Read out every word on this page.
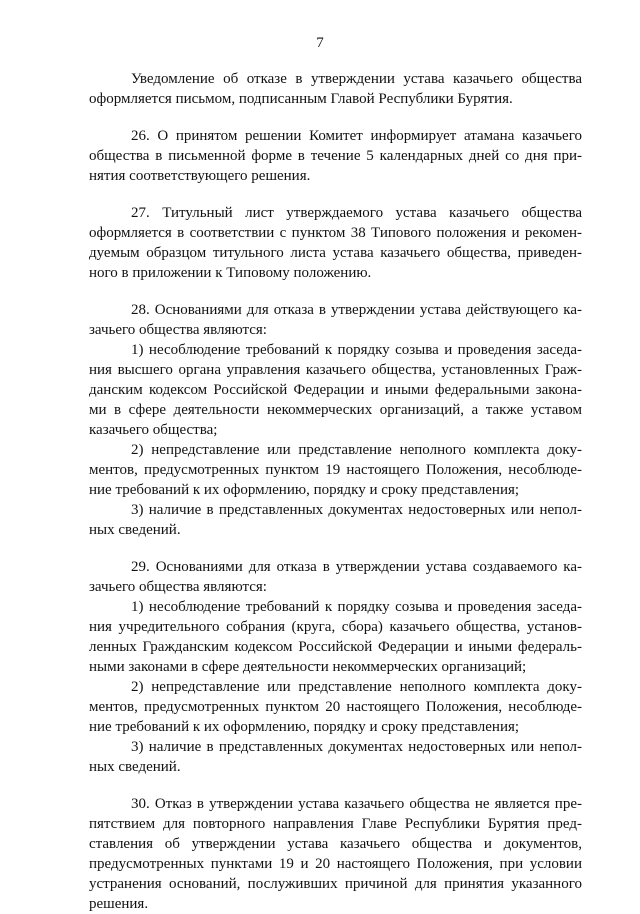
7
Уведомление об отказе в утверждении устава казачьего общества
оформляется письмом, подписанным Главой Республики Бурятия.
26. О принятом решении Комитет информирует атамана казачьего
общества в письменной форме в течение 5 календарных дней со дня при-
нятия соответствующего решения.
27. Титульный лист утверждаемого устава казачьего общества
оформляется в соответствии с пунктом 38 Типового положения и рекомен-
дуемым образцом титульного листа устава казачьего общества, приведен-
ного в приложении к Типовому положению.
28. Основаниями для отказа в утверждении устава действующего ка-
зачьего общества являются:
1) несоблюдение требований к порядку созыва и проведения заседа-
ния высшего органа управления казачьего общества, установленных Граж-
данским кодексом Российской Федерации и иными федеральными закона-
ми в сфере деятельности некоммерческих организаций, а также уставом
казачьего общества;
2) непредставление или представление неполного комплекта доку-
ментов, предусмотренных пунктом 19 настоящего Положения, несоблюде-
ние требований к их оформлению, порядку и сроку представления;
3) наличие в представленных документах недостоверных или непол-
ных сведений.
29. Основаниями для отказа в утверждении устава создаваемого ка-
зачьего общества являются:
1) несоблюдение требований к порядку созыва и проведения заседа-
ния учредительного собрания (круга, сбора) казачьего общества, установ-
ленных Гражданским кодексом Российской Федерации и иными федераль-
ными законами в сфере деятельности некоммерческих организаций;
2) непредставление или представление неполного комплекта доку-
ментов, предусмотренных пунктом 20 настоящего Положения, несоблюде-
ние требований к их оформлению, порядку и сроку представления;
3) наличие в представленных документах недостоверных или непол-
ных сведений.
30. Отказ в утверждении устава казачьего общества не является пре-
пятствием для повторного направления Главе Республики Бурятия пред-
ставления об утверждении устава казачьего общества и документов,
предусмотренных пунктами 19 и 20 настоящего Положения, при условии
устранения оснований, послуживших причиной для принятия указанного
решения.
